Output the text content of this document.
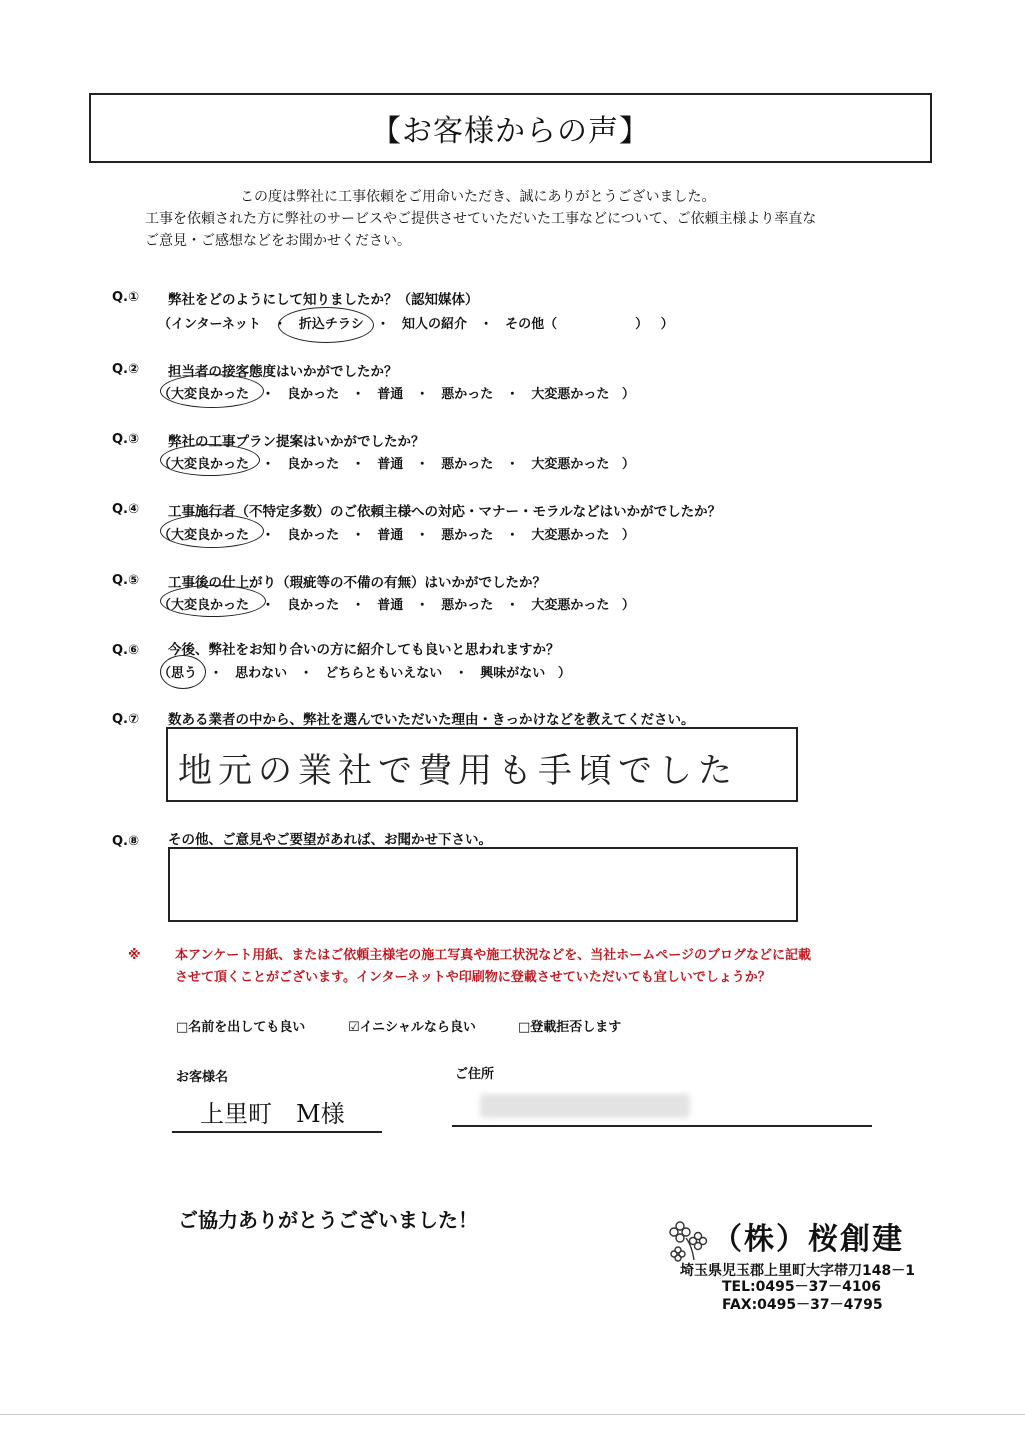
【お客様からの声】
この度は弊社に工事依頼をご用命いただき、誠にありがとうございました。
工事を依頼された方に弊社のサービスやご提供させていただいた工事などについて、ご依頼主様より率直な
ご意見・ご感想などをお聞かせください。
Q.① 弊社をどのようにして知りましたか？（認知媒体）
（インターネット ・ 折込チラシ ・ 知人の紹介 ・ その他（　　　　　　） ）
Q.② 担当者の接客態度はいかがでしたか？
（大変良かった ・ 良かった ・ 普通 ・ 悪かった ・ 大変悪かった ）
Q.③ 弊社の工事プラン提案はいかがでしたか？
（大変良かった ・ 良かった ・ 普通 ・ 悪かった ・ 大変悪かった ）
Q.④ 工事施行者（不特定多数）のご依頼主様への対応・マナー・モラルなどはいかがでしたか？
（大変良かった ・ 良かった ・ 普通 ・ 悪かった ・ 大変悪かった ）
Q.⑤ 工事後の仕上がり（瑕疵等の不備の有無）はいかがでしたか？
（大変良かった ・ 良かった ・ 普通 ・ 悪かった ・ 大変悪かった ）
Q.⑥ 今後、弊社をお知り合いの方に紹介しても良いと思われますか？
（思う ・ 思わない ・ どちらともいえない ・ 興味がない ）
Q.⑦ 数ある業者の中から、弊社を選んでいただいた理由・きっかけなどを教えてください。
地元の業社で費用も手頃でした
Q.⑧ その他、ご意見やご要望があれば、お聞かせ下さい。
※	本アンケート用紙、またはご依頼主様宅の施工写真や施工状況などを、当社ホームページのブログなどに記載
させて頂くことがございます。インターネットや印刷物に登載させていただいても宜しいでしょうか？
□名前を出しても良い	☑イニシャルなら良い	□登載拒否します
お客様名
上里町　M様
ご住所
ご協力ありがとうございました！
（株）桜創建
埼玉県児玉郡上里町大字帯刀148－1
TEL:0495－37－4106
FAX:0495－37－4795
